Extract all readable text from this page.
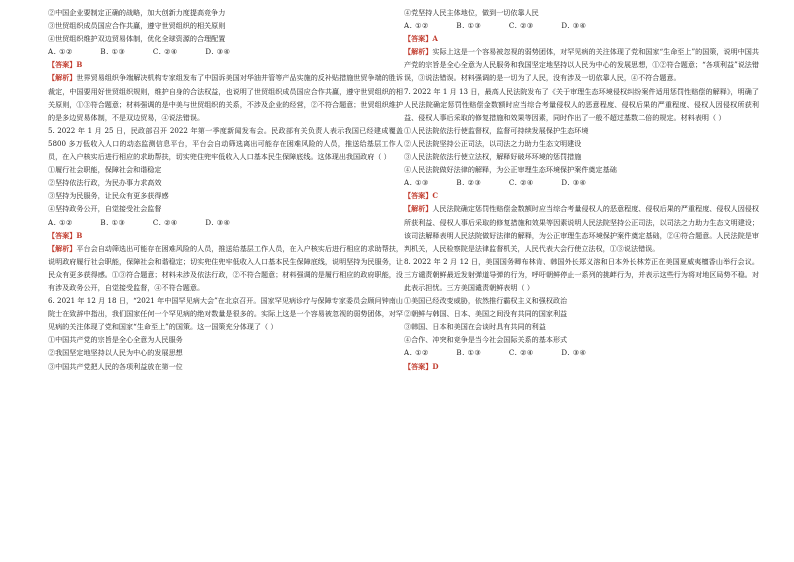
②中国企业要制定正确的战略，加大创新力度提高竞争力
③世贸组织成员国应合作共赢，遵守世贸组织的相关原则
④世贸组织维护双边贸易体制，优化全球资源的合理配置
A. ①②          B. ①③          C. ②④          D. ③④
【答案】B
【解析】世界贸易组织争端解决机构专家组发布了中国诉美国对华油井管等产品实施的反补贴措施世贸争端的胜诉裁定，中国要用好世贸组织规则，维护自身的合法权益，也说明了世贸组织成员国应合作共赢，遵守世贸组织的相关原则，①③符合题意；材料强调的是中美与世贸组织的关系，不涉及企业的经营，②不符合题意；世贸组织维护的是多边贸易体制，不是双边贸易，④说法错误。
5. 2022 年 1 月 25 日，民政部召开 2022 年第一季度新闻发布会。民政部有关负责人表示我国已经建成覆盖 5800 多万低收入人口的动态监测信息平台，平台会自动筛选离出可能存在困难风险的人员，推送给基层工作人员，在入户核实后进行相应的求助帮扶，切实兜住兜牢低收入人口基本民生保障底线。这体现出我国政府（ ）
①履行社会职能，保障社会和谐稳定
②坚持依法行政，为民办事力求高效
③坚持为民服务，让民众有更多获得感
④坚持政务公开，自觉接受社会监督
A. ①②          B. ①③          C. ②④          D. ③④
【答案】B
【解析】平台会自动筛选出可能存在困难风险的人员，推送给基层工作人员，在入户核实后进行相应的求助帮扶，说明政府履行社会职能，保障社会和谐稳定；切实兜住兜牢低收入人口基本民生保障底线，说明坚持为民服务，让民众有更多获得感。①③符合题意；材料未涉及依法行政，②不符合题意；材料强调的是履行相应的政府职能，没有涉及政务公开，自觉接受监督，④不符合题意。
6. 2021 年 12 月 18 日，“2021 年中国罕见病大会”在北京召开。国家罕见病诊疗与保障专家委员会顾问钟南山院士在致辞中指出，我们国家任何一个罕见病的绝对数量是很多的。实际上这是一个容易被忽视的弱势团体，对罕见病的关注体现了党和国家“生命至上”的国策。这一国策充分体现了（ ）
①中国共产党的宗旨是全心全意为人民服务
②我国坚定地坚持以人民为中心的发展思想
③中国共产党把人民的各项利益放在第一位
④党坚持人民主体地位，做到一切依靠人民
A. ①②          B. ①③          C. ②③          D. ③④
【答案】A
【解析】实际上这是一个容易被忽视的弱势团体，对罕见病的关注体现了党和国家“生命至上”的国策，说明中国共产党的宗旨是全心全意为人民服务和我国坚定地坚持以人民为中心的发展思想，①②符合题意；“各项利益”说法错误，③说法错误。材料强调的是一切为了人民，没有涉及一切依靠人民，④不符合题意。
7. 2022 年 1 月 13 日，最高人民法院发布了《关于审理生态环境侵权纠纷案件适用惩罚性赔偿的解释》，明确了人民法院确定惩罚性赔偿金数额时应当综合考量侵权人的恶意程度、侵权后果的严重程度、侵权人因侵权所获利益、侵权人事后采取的修复措施和效果等因素，同时作出了一般不超过基数二倍的规定。材料表明（ ）
①人民法院依法行使监督权，监督可持续发展保护生态环境
②人民法院坚持公正司法，以司法之力助力生态文明建设
③人民法院依法行使立法权，解释好破坏环境的惩罚措施
④人民法院做好法律的解释，为公正审理生态环境保护案件奠定基础
A. ①③          B. ②③          C. ②④          D. ③④
【答案】C
【解析】人民法院确定惩罚性赔偿金数额时应当综合考量侵权人的恶意程度、侵权后果的严重程度、侵权人因侵权所获利益、侵权人事后采取的修复措施和效果等因素说明人民法院坚持公正司法，以司法之力助力生态文明建设；该司法解释表明人民法院做好法律的解释，为公正审理生态环境保护案件奠定基础，②④符合题意。人民法院是审判机关，人民检察院是法律监督机关，人民代表大会行使立法权，①③说法错误。
8. 2022 年 2 月 12 日，美国国务卿布林肯、韩国外长郑义溶和日本外长林芳正在美国夏威夷檀香山举行会议。三方谴责朝鲜最近发射弹道导弹的行为，呼吁朝鲜停止一系列的挑衅行为，并表示这些行为将对地区局势不稳。对此表示担忧。三方美国谴责朝鲜表明（ ）
①美国已经改变威胁，依然推行霸权主义和强权政治
②朝鲜与韩国、日本、美国之间没有共同的国家利益
③韩国、日本和美国在会谈时具有共同的利益
④合作、冲突和竞争是当今社会国际关系的基本形式
A. ①②          B. ①③          C. ②④          D. ③④
【答案】D
